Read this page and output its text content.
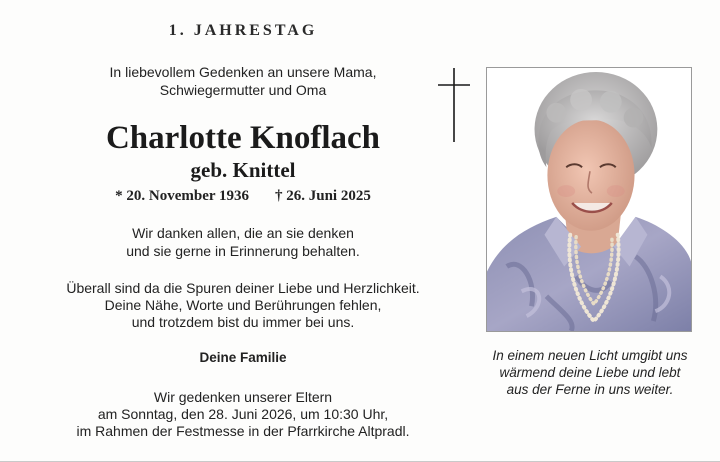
1. JAHRESTAG
In liebevollem Gedenken an unsere Mama,
Schwiegermutter und Oma
Charlotte Knoflach
geb. Knittel
* 20. November 1936 † 26. Juni 2025
Wir danken allen, die an sie denken
und sie gerne in Erinnerung behalten.
Überall sind da die Spuren deiner Liebe und Herzlichkeit.
Deine Nähe, Worte und Berührungen fehlen,
und trotzdem bist du immer bei uns.
Deine Familie
Wir gedenken unserer Eltern
am Sonntag, den 28. Juni 2026, um 10:30 Uhr,
im Rahmen der Festmesse in der Pfarrkirche Altpradl.
In einem neuen Licht umgibt uns
wärmend deine Liebe und lebt
aus der Ferne in uns weiter.
